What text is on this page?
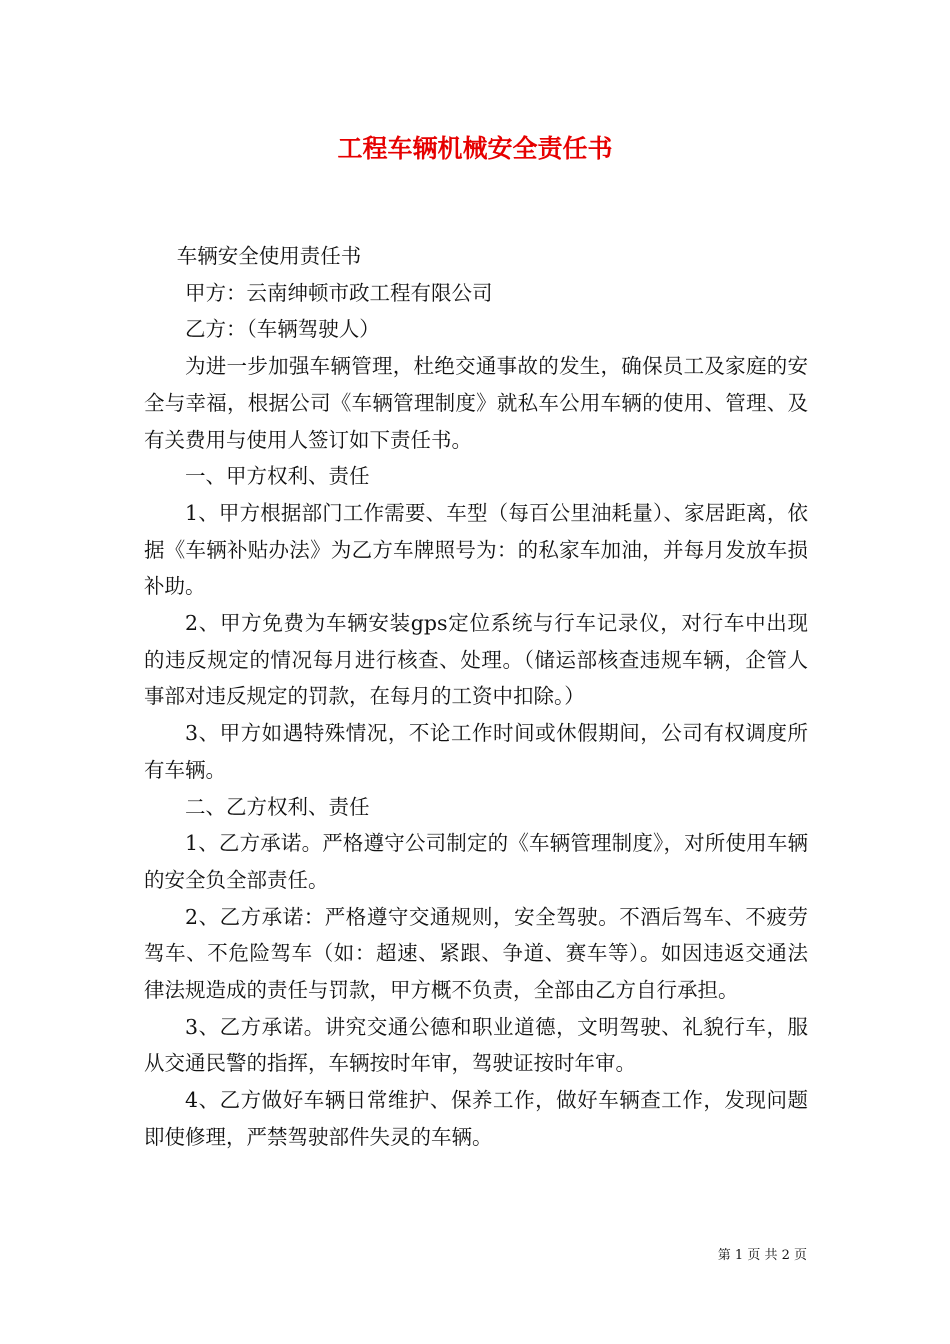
工程车辆机械安全责任书

车辆安全使用责任书

甲方：云南绅顿市政工程有限公司

乙方：（车辆驾驶人）

为进一步加强车辆管理，杜绝交通事故的发生，确保员工及家庭的安全与幸福，根据公司《车辆管理制度》就私车公用车辆的使用、管理、及有关费用与使用人签订如下责任书。

一、甲方权利、责任

1、甲方根据部门工作需要、车型（每百公里油耗量）、家居距离，依据《车辆补贴办法》为乙方车牌照号为：的私家车加油，并每月发放车损补助。

2、甲方免费为车辆安装gps定位系统与行车记录仪，对行车中出现的违反规定的情况每月进行核查、处理。（储运部核查违规车辆，企管人事部对违反规定的罚款，在每月的工资中扣除。）

3、甲方如遇特殊情况，不论工作时间或休假期间，公司有权调度所有车辆。

二、乙方权利、责任

1、乙方承诺。严格遵守公司制定的《车辆管理制度》，对所使用车辆的安全负全部责任。

2、乙方承诺：严格遵守交通规则，安全驾驶。不酒后驾车、不疲劳驾车、不危险驾车（如：超速、紧跟、争道、赛车等）。如因违返交通法律法规造成的责任与罚款，甲方概不负责，全部由乙方自行承担。

3、乙方承诺。讲究交通公德和职业道德，文明驾驶、礼貌行车，服从交通民警的指挥，车辆按时年审，驾驶证按时年审。

4、乙方做好车辆日常维护、保养工作，做好车辆查工作，发现问题即使修理，严禁驾驶部件失灵的车辆。

第 1 页 共 2 页
